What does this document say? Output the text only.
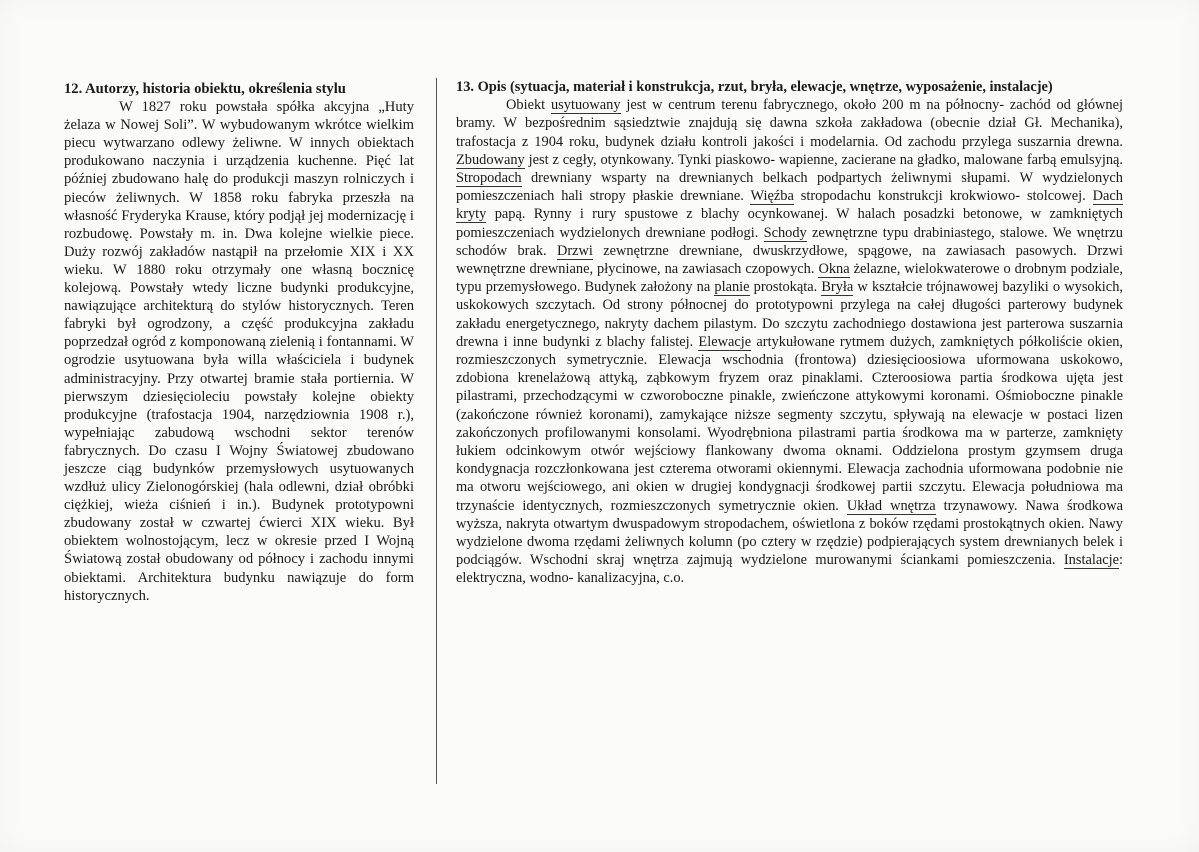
12. Autorzy, historia obiektu, określenia stylu

W 1827 roku powstała spółka akcyjna „Huty żelaza w Nowej Soli”. W wybudowanym wkrótce wielkim piecu wytwarzano odlewy żeliwne. W innych obiektach produkowano naczynia i urządzenia kuchenne. Pięć lat później zbudowano halę do produkcji maszyn rolniczych i pieców żeliwnych. W 1858 roku fabryka przeszła na własność Fryderyka Krause, który podjął jej modernizację i rozbudowę. Powstały m. in. Dwa kolejne wielkie piece. Duży rozwój zakładów nastąpił na przełomie XIX i XX wieku. W 1880 roku otrzymały one własną bocznicę kolejową. Powstały wtedy liczne budynki produkcyjne, nawiązujące architekturą do stylów historycznych. Teren fabryki był ogrodzony, a część produkcyjna zakładu poprzedzał ogród z komponowaną zielenią i fontannami. W ogrodzie usytuowana była willa właściciela i budynek administracyjny. Przy otwartej bramie stała portiernia. W pierwszym dziesięcioleciu powstały kolejne obiekty produkcyjne (trafostacja 1904, narzędziownia 1908 r.), wypełniając zabudową wschodni sektor terenów fabrycznych. Do czasu I Wojny Światowej zbudowano jeszcze ciąg budynków przemysłowych usytuowanych wzdłuż ulicy Zielonogórskiej (hala odlewni, dział obróbki ciężkiej, wieża ciśnień i in.). Budynek prototypowni zbudowany został w czwartej ćwierci XIX wieku. Był obiektem wolnostojącym, lecz w okresie przed I Wojną Światową został obudowany od północy i zachodu innymi obiektami. Architektura budynku nawiązuje do form historycznych.

13. Opis (sytuacja, materiał i konstrukcja, rzut, bryła, elewacje, wnętrze, wyposażenie, instalacje)

Obiekt usytuowany jest w centrum terenu fabrycznego, około 200 m na północny- zachód od głównej bramy. W bezpośrednim sąsiedztwie znajdują się dawna szkoła zakładowa (obecnie dział Gł. Mechanika), trafostacja z 1904 roku, budynek działu kontroli jakości i modelarnia. Od zachodu przylega suszarnia drewna. Zbudowany jest z cegły, otynkowany. Tynki piaskowo- wapienne, zacierane na gładko, malowane farbą emulsyjną. Stropodach drewniany wsparty na drewnianych belkach podpartych żeliwnymi słupami. W wydzielonych pomieszczeniach hali stropy płaskie drewniane. Więźba stropodachu konstrukcji krokwiowo- stolcowej. Dach kryty papą. Rynny i rury spustowe z blachy ocynkowanej. W halach posadzki betonowe, w zamkniętych pomieszczeniach wydzielonych drewniane podłogi. Schody zewnętrzne typu drabiniastego, stalowe. We wnętrzu schodów brak. Drzwi zewnętrzne drewniane, dwuskrzydłowe, spągowe, na zawiasach pasowych. Drzwi wewnętrzne drewniane, płycinowe, na zawiasach czopowych. Okna żelazne, wielokwaterowe o drobnym podziale, typu przemysłowego. Budynek założony na planie prostokąta. Bryła w kształcie trójnawowej bazyliki o wysokich, uskokowych szczytach. Od strony północnej do prototypowni przylega na całej długości parterowy budynek zakładu energetycznego, nakryty dachem pilastym. Do szczytu zachodniego dostawiona jest parterowa suszarnia drewna i inne budynki z blachy falistej. Elewacje artykułowane rytmem dużych, zamkniętych półkoliście okien, rozmieszczonych symetrycznie. Elewacja wschodnia (frontowa) dziesięcioosiowa uformowana uskokowo, zdobiona krenelażową attyką, ząbkowym fryzem oraz pinaklami. Czteroosiowa partia środkowa ujęta jest pilastrami, przechodzącymi w czworoboczne pinakle, zwieńczone attykowymi koronami. Ośmioboczne pinakle (zakończone również koronami), zamykające niższe segmenty szczytu, spływają na elewacje w postaci lizen zakończonych profilowanymi konsolami. Wyodrębniona pilastrami partia środkowa ma w parterze, zamknięty łukiem odcinkowym otwór wejściowy flankowany dwoma oknami. Oddzielona prostym gzymsem druga kondygnacja rozczłonkowana jest czterema otworami okiennymi. Elewacja zachodnia uformowana podobnie nie ma otworu wejściowego, ani okien w drugiej kondygnacji środkowej partii szczytu. Elewacja południowa ma trzynaście identycznych, rozmieszczonych symetrycznie okien. Układ wnętrza trzynawowy. Nawa środkowa wyższa, nakryta otwartym dwuspadowym stropodachem, oświetlona z boków rzędami prostokątnych okien. Nawy wydzielone dwoma rzędami żeliwnych kolumn (po cztery w rzędzie) podpierających system drewnianych belek i podciągów. Wschodni skraj wnętrza zajmują wydzielone murowanymi ściankami pomieszczenia. Instalacje: elektryczna, wodno- kanalizacyjna, c.o.
